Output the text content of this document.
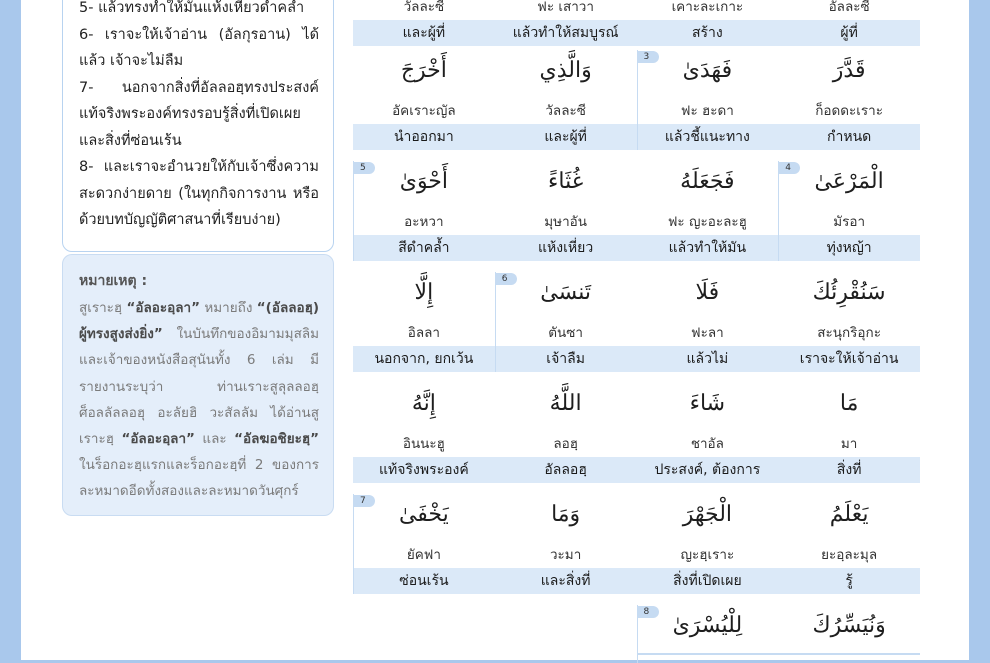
5- แล้วทรงทำให้มันแห้งเหี่ยวดำคล้ำ

6- เราจะให้เจ้าอ่าน (อัลกุรอาน) ได้ แล้ว เจ้าจะไม่ลืม

7- นอกจากสิ่งที่อัลลอฮฺทรงประสงค์ แท้จริงพระองค์ทรงรอบรู้สิ่งที่เปิดเผย และสิ่งที่ซ่อนเร้น

8- และเราจะอำนวยให้กับเจ้าซึ่งความสะดวกง่ายดาย (ในทุกกิจการงาน หรือด้วยบทบัญญัติศาสนาที่เรียบง่าย)

หมายเหตุ :

สูเราะฮฺ “อัลอะอฺลา” หมายถึง “(อัลลอฮฺ) ผู้ทรงสูงส่งยิ่ง” ในบันทึกของอิมามมุสลิมและเจ้าของหนังสือสุนันทั้ง 6 เล่ม มีรายงานระบุว่า ท่านเราะสูลุลลอฮฺ ศ็อลลัลลอฮุ อะลัยฮิ วะสัลลัม ได้อ่านสูเราะฮฺ “อัลอะอฺลา” และ “อัลฆอชิยะฮฺ” ในร็อกอะฮฺแรกและร็อกอะฮฺที่ 2 ของการละหมาดอีดทั้งสองและละหมาดวันศุกร์

วัลละซี
และผู้ที่
ฟะ เสาวา
แล้วทำให้สมบูรณ์
เคาะละเกาะ
สร้าง
อัลละซี
ผู้ที่
أَخْرَجَ
อัคเราะญัล
นำออกมา
وَالَّذِي
วัลละซี
และผู้ที่
فَهَدَىٰ
ฟะ ฮะดา
แล้วชี้แนะทาง
قَدَّرَ
ก็อดดะเราะ
กำหนด
أَحْوَىٰ
อะหวา
สีดำคล้ำ
غُثَاءً
มุษาอัน
แห้งเหี่ยว
فَجَعَلَهُ
ฟะ ญะอะละฮู
แล้วทำให้มัน
الْمَرْعَىٰ
มัรอา
ทุ่งหญ้า
إِلَّا
อิลลา
นอกจาก, ยกเว้น
تَنسَىٰ
ตันซา
เจ้าลืม
فَلَا
ฟะลา
แล้วไม่
سَنُقْرِئُكَ
สะนุกริอุกะ
เราจะให้เจ้าอ่าน
إِنَّهُ
อินนะฮู
แท้จริงพระองค์
اللَّهُ
ลอฮฺ
อัลลอฮฺ
شَاءَ
ชาอัล
ประสงค์, ต้องการ
مَا
มา
สิ่งที่
يَخْفَىٰ
ยัคฟา
ซ่อนเร้น
وَمَا
วะมา
และสิ่งที่
الْجَهْرَ
ญะฮฺเราะ
สิ่งที่เปิดเผย
يَعْلَمُ
ยะอฺละมุล
รู้
لِلْيُسْرَىٰ	وَنُيَسِّرُكَ
3
4
5
6
7
8
